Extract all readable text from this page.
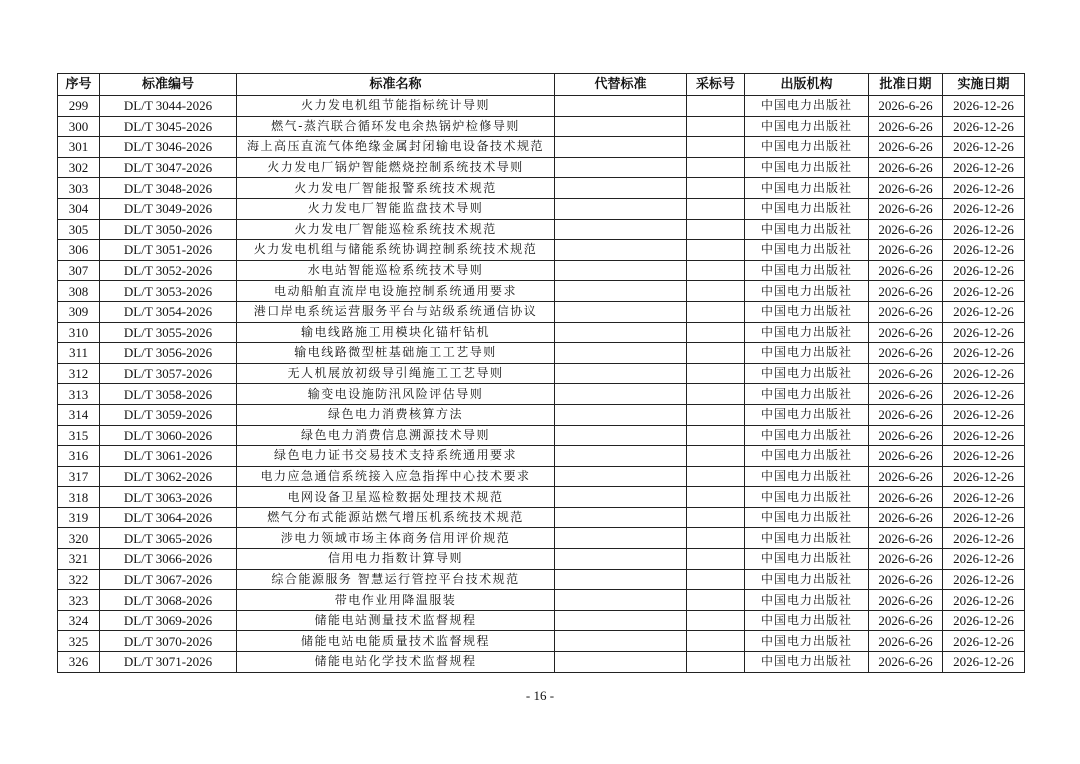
序号	标准编号	标准名称	代替标准	采标号	出版机构	批准日期	实施日期
299	DL/T 3044-2026	火力发电机组节能指标统计导则			中国电力出版社	2026-6-26	2026-12-26
300	DL/T 3045-2026	燃气-蒸汽联合循环发电余热锅炉检修导则			中国电力出版社	2026-6-26	2026-12-26
301	DL/T 3046-2026	海上高压直流气体绝缘金属封闭输电设备技术规范			中国电力出版社	2026-6-26	2026-12-26
302	DL/T 3047-2026	火力发电厂锅炉智能燃烧控制系统技术导则			中国电力出版社	2026-6-26	2026-12-26
303	DL/T 3048-2026	火力发电厂智能报警系统技术规范			中国电力出版社	2026-6-26	2026-12-26
304	DL/T 3049-2026	火力发电厂智能监盘技术导则			中国电力出版社	2026-6-26	2026-12-26
305	DL/T 3050-2026	火力发电厂智能巡检系统技术规范			中国电力出版社	2026-6-26	2026-12-26
306	DL/T 3051-2026	火力发电机组与储能系统协调控制系统技术规范			中国电力出版社	2026-6-26	2026-12-26
307	DL/T 3052-2026	水电站智能巡检系统技术导则			中国电力出版社	2026-6-26	2026-12-26
308	DL/T 3053-2026	电动船舶直流岸电设施控制系统通用要求			中国电力出版社	2026-6-26	2026-12-26
309	DL/T 3054-2026	港口岸电系统运营服务平台与站级系统通信协议			中国电力出版社	2026-6-26	2026-12-26
310	DL/T 3055-2026	输电线路施工用模块化锚杆钻机			中国电力出版社	2026-6-26	2026-12-26
311	DL/T 3056-2026	输电线路微型桩基础施工工艺导则			中国电力出版社	2026-6-26	2026-12-26
312	DL/T 3057-2026	无人机展放初级导引绳施工工艺导则			中国电力出版社	2026-6-26	2026-12-26
313	DL/T 3058-2026	输变电设施防汛风险评估导则			中国电力出版社	2026-6-26	2026-12-26
314	DL/T 3059-2026	绿色电力消费核算方法			中国电力出版社	2026-6-26	2026-12-26
315	DL/T 3060-2026	绿色电力消费信息溯源技术导则			中国电力出版社	2026-6-26	2026-12-26
316	DL/T 3061-2026	绿色电力证书交易技术支持系统通用要求			中国电力出版社	2026-6-26	2026-12-26
317	DL/T 3062-2026	电力应急通信系统接入应急指挥中心技术要求			中国电力出版社	2026-6-26	2026-12-26
318	DL/T 3063-2026	电网设备卫星巡检数据处理技术规范			中国电力出版社	2026-6-26	2026-12-26
319	DL/T 3064-2026	燃气分布式能源站燃气增压机系统技术规范			中国电力出版社	2026-6-26	2026-12-26
320	DL/T 3065-2026	涉电力领域市场主体商务信用评价规范			中国电力出版社	2026-6-26	2026-12-26
321	DL/T 3066-2026	信用电力指数计算导则			中国电力出版社	2026-6-26	2026-12-26
322	DL/T 3067-2026	综合能源服务 智慧运行管控平台技术规范			中国电力出版社	2026-6-26	2026-12-26
323	DL/T 3068-2026	带电作业用降温服装			中国电力出版社	2026-6-26	2026-12-26
324	DL/T 3069-2026	储能电站测量技术监督规程			中国电力出版社	2026-6-26	2026-12-26
325	DL/T 3070-2026	储能电站电能质量技术监督规程			中国电力出版社	2026-6-26	2026-12-26
326	DL/T 3071-2026	储能电站化学技术监督规程			中国电力出版社	2026-6-26	2026-12-26
- 16 -
